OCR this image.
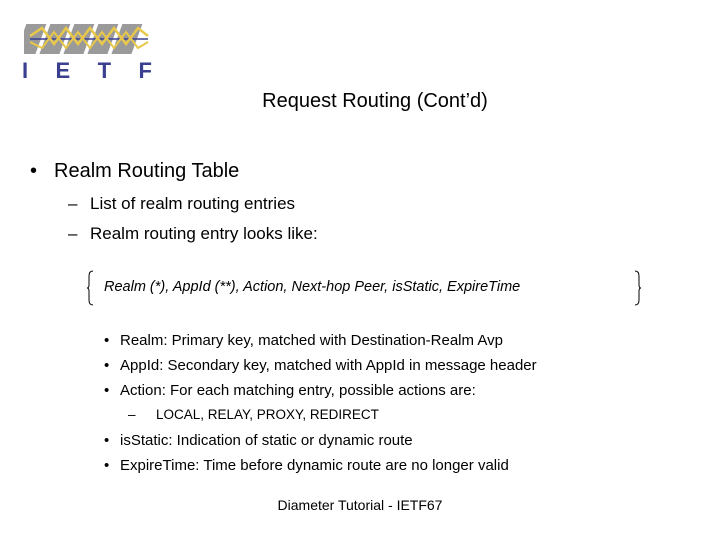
I E T F
Request Routing (Cont’d)
• Realm Routing Table
– List of realm routing entries
– Realm routing entry looks like:
Realm (*), AppId (**), Action, Next-hop Peer, isStatic, ExpireTime
• Realm: Primary key, matched with Destination-Realm Avp
• AppId: Secondary key, matched with AppId in message header
• Action: For each matching entry, possible actions are:
– LOCAL, RELAY, PROXY, REDIRECT
• isStatic: Indication of static or dynamic route
• ExpireTime: Time before dynamic route are no longer valid
Diameter Tutorial - IETF67
